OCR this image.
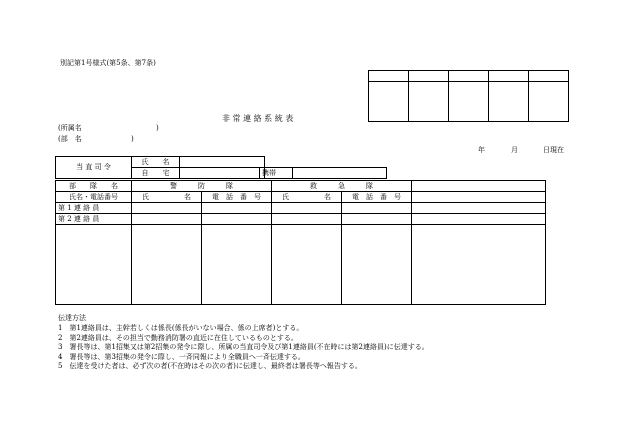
別記第1号様式(第5条、第7条)

非 常 連 絡 系 統 表
(所属名	)
(部　名	)
年	月	日現在
当 直 司 令	氏　　名	
	自　　宅		携帯	
部　　隊　　名	警　　　防　　　隊		救　　　急　　　隊		
氏名・電話番号	氏　　　　　名	電　話　番　号	氏　　　　　名	電　話　番　号	
第 1 連 絡 員					
第 2 連 絡 員					

伝達方法
1　第1連絡員は、主幹若しくは係長(係長がいない場合、係の上席者)とする。
2　第2連絡員は、その担当で勤務消防署の直近に在住しているものとする。
3　署長等は、第1招集又は第2招集の発令に際し、所属の当直司令及び第1連絡員(不在時には第2連絡員)に伝達する。
4　署長等は、第3招集の発令に際し、一斉同報により全職員へ一斉伝達する。
5　伝達を受けた者は、必ず次の者(不在時はその次の者)に伝達し、最終者は署長等へ報告する。
